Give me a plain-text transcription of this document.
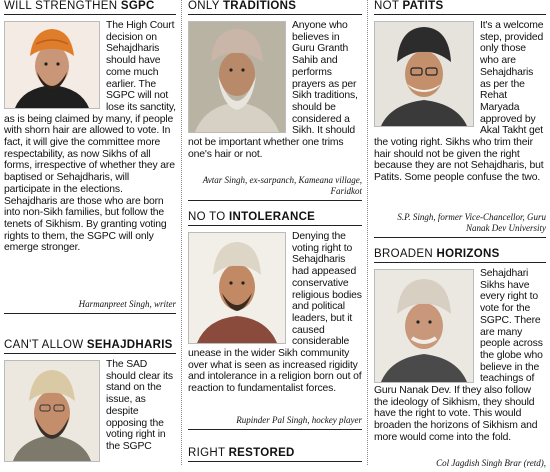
WILL STRENGTHEN SGPC
The High Court decision on Sehajdharis should have come much earlier. The SGPC will not lose its sanctity, as is being claimed by many, if people with shorn hair are allowed to vote. In fact, it will give the committee more respectability, as now Sikhs of all forms, irrespective of whether they are baptised or Sehajdharis, will participate in the elections. Sehajdharis are those who are born into non-Sikh families, but follow the tenets of Sikhism. By granting voting rights to them, the SGPC will only emerge stronger.
Harmanpreet Singh, writer
CAN'T ALLOW SEHAJDHARIS
The SAD should clear its stand on the issue, as despite opposing the voting right in the SGPC
ONLY TRADITIONS
Anyone who believes in Guru Granth Sahib and performs prayers as per Sikh traditions, should be considered a Sikh. It should not be important whether one trims one's hair or not.
Avtar Singh, ex-sarpanch, Kameana village, Faridkot
NO TO INTOLERANCE
Denying the voting right to Sehajdharis had appeased conservative religious bodies and political leaders, but it caused considerable unease in the wider Sikh community over what is seen as increased rigidity and intolerance in a religion born out of reaction to fundamentalist forces.
Rupinder Pal Singh, hockey player
RIGHT RESTORED
NOT PATITS
It's a welcome step, provided only those who are Sehajdharis as per the Rehat Maryada approved by Akal Takht get the voting right. Sikhs who trim their hair should not be given the right because they are not Sehajdharis, but Patits. Some people confuse the two.
S.P. Singh, former Vice-Chancellor, Guru Nanak Dev University
BROADEN HORIZONS
Sehajdhari Sikhs have every right to vote for the SGPC. There are many people across the globe who believe in the teachings of Guru Nanak Dev. If they also follow the ideology of Sikhism, they should have the right to vote. This would broaden the horizons of Sikhism and more would come into the fold.
Col Jagdish Singh Brar (retd),
